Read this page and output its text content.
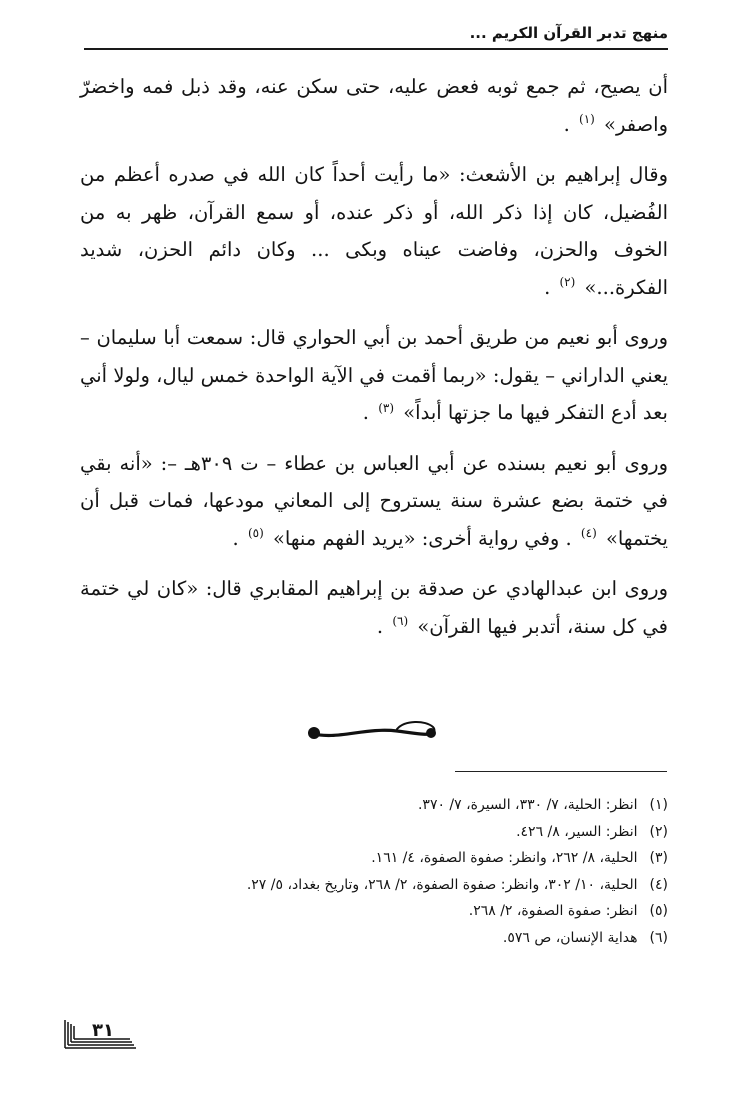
منهج تدبر القرآن الكريم ...

أن يصيح، ثم جمع ثوبه فعض عليه، حتى سكن عنه، وقد ذبل فمه واخضرّ واصفر» $^{(١)}$ .

وقال إبراهيم بن الأشعث: «ما رأيت أحداً كان الله في صدره أعظم من الفُضيل، كان إذا ذكر الله، أو ذكر عنده، أو سمع القرآن، ظهر به من الخوف والحزن، وفاضت عيناه وبكى ... وكان دائم الحزن، شديد الفكرة...» $^{(٢)}$ .

وروى أبو نعيم من طريق أحمد بن أبي الحواري قال: سمعت أبا سليمان – يعني الداراني – يقول: «ربما أقمت في الآية الواحدة خمس ليال، ولولا أني بعد أدع التفكر فيها ما جزتها أبداً» $^{(٣)}$ .

وروى أبو نعيم بسنده عن أبي العباس بن عطاء – ت ٣٠٩هـ –: «أنه بقي في ختمة بضع عشرة سنة يستروح إلى المعاني مودعها، فمات قبل أن يختمها» $^{(٤)}$ . وفي رواية أخرى: «يريد الفهم منها» $^{(٥)}$ .

وروى ابن عبدالهادي عن صدقة بن إبراهيم المقابري قال: «كان لي ختمة في كل سنة، أتدبر فيها القرآن» $^{(٦)}$ .

(١)انظر: الحلية، ٧/ ٣٣٠، السيرة، ٧/ ٣٧٠.
(٢)انظر: السير، ٨/ ٤٢٦.
(٣)الحلية، ٨/ ٢٦٢، وانظر: صفوة الصفوة، ٤/ ١٦١.
(٤)الحلية، ١٠/ ٣٠٢، وانظر: صفوة الصفوة، ٢/ ٢٦٨، وتاريخ بغداد، ٥/ ٢٧.
(٥)انظر: صفوة الصفوة، ٢/ ٢٦٨.
(٦)هداية الإنسان، ص ٥٧٦.
٣١
